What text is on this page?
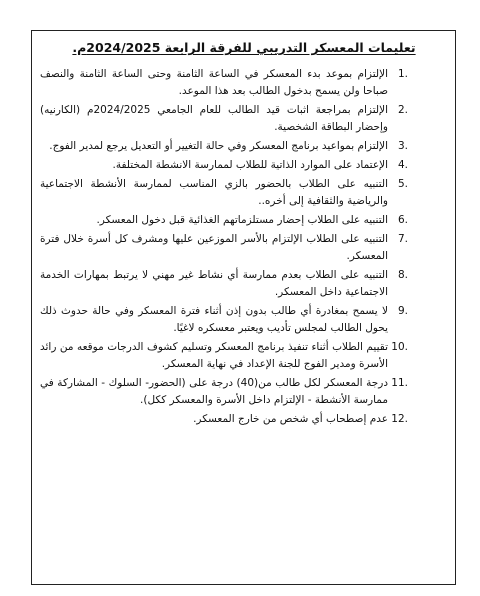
تعليمات المعسكر التدريبي للفرقة الرابعة 2024/2025م.
1.
الإلتزام بموعد بدء المعسكر في الساعة الثامنة وحتى الساعة الثامنة والنصف صباحا ولن يسمح بدخول الطالب بعد هذا الموعد.
2.
الإلتزام بمراجعة اثبات قيد الطالب للعام الجامعي 2024/2025م (الكارنيه) وإحضار البطاقة الشخصية.
3.
الإلتزام بمواعيد برنامج المعسكر وفي حالة التغيير أو التعديل يرجع لمدير الفوج.
4.
الإعتماد على الموارد الذاتية للطلاب لممارسة الانشطة المختلفة.
5.
التنبيه على الطلاب بالحضور بالزي المناسب لممارسة الأنشطة الاجتماعية والرياضية والثقافية إلى أخره..
6.
التنبيه على الطلاب إحضار مستلزماتهم الغذائية قبل دخول المعسكر.
7.
التنبيه على الطلاب الإلتزام بالأسر الموزعين عليها ومشرف كل أسرة خلال فترة المعسكر.
8.
التنبيه على الطلاب بعدم ممارسة أي نشاط غير مهني لا يرتبط بمهارات الخدمة الاجتماعية داخل المعسكر.
9.
لا يسمح بمغادرة أي طالب بدون إذن أثناء فترة المعسكر وفي حالة حدوث ذلك يحول الطالب لمجلس تأديب ويعتبر معسكره لاغيًا.
10.
تقييم الطلاب أثناء تنفيذ برنامج المعسكر وتسليم كشوف الدرجات موقعه من رائد الأسرة ومدير الفوج للجنة الإعداد في نهاية المعسكر.
11.
درجة المعسكر لكل طالب من(40) درجة على (الحضور- السلوك - المشاركة في ممارسة الأنشطة - الإلتزام داخل الأسرة والمعسكر ككل).
12.
عدم إصطحاب أي شخص من خارج المعسكر.
